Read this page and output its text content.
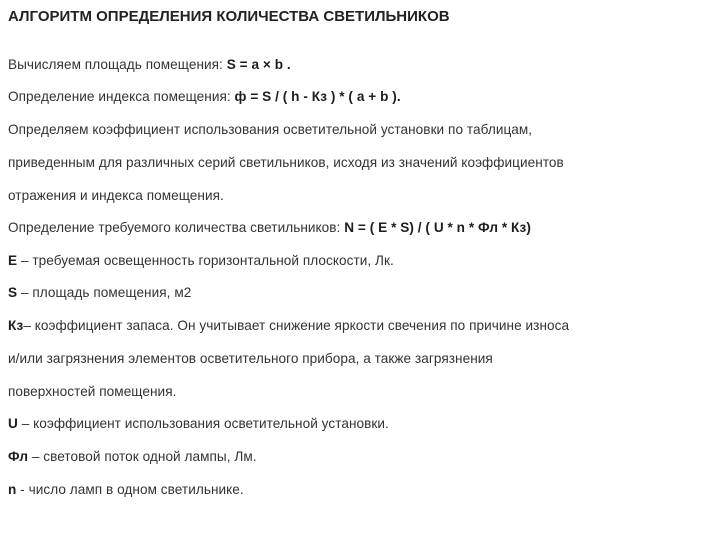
АЛГОРИТМ ОПРЕДЕЛЕНИЯ КОЛИЧЕСТВА СВЕТИЛЬНИКОВ
Вычисляем площадь помещения: S = a × b .
Определение индекса помещения: ф = S / ( h - Кз ) * ( a + b ).
Определяем коэффициент использования осветительной установки по таблицам,
приведенным для различных серий светильников, исходя из значений коэффициентов
отражения и индекса помещения.
Определение требуемого количества светильников: N = ( E * S) / ( U * n * Фл * Кз)
Е – требуемая освещенность горизонтальной плоскости, Лк.
S – площадь помещения, м2
Кз– коэффициент запаса. Он учитывает снижение яркости свечения по причине износа
и/или загрязнения элементов осветительного прибора, а также загрязнения
поверхностей помещения.
U – коэффициент использования осветительной установки.
Фл – световой поток одной лампы, Лм.
n - число ламп в одном светильнике.
